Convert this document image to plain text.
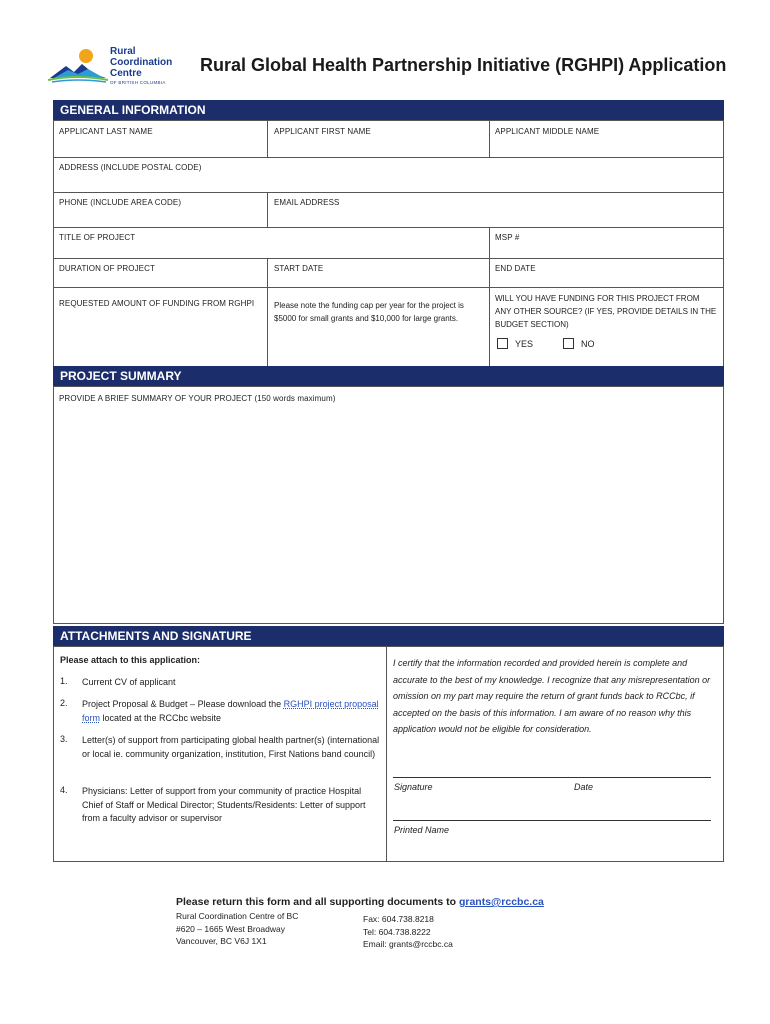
Rural
Coordination
Centre
OF BRITISH COLUMBIA
Rural Global Health Partnership Initiative (RGHPI) Application
GENERAL INFORMATION
APPLICANT LAST NAME	APPLICANT FIRST NAME	APPLICANT MIDDLE NAME
ADDRESS (INCLUDE POSTAL CODE)
PHONE (INCLUDE AREA CODE)	EMAIL ADDRESS
TITLE OF PROJECT	MSP #
DURATION OF PROJECT	START DATE	END DATE
REQUESTED AMOUNT OF FUNDING FROM RGHPI Please note the funding cap per year for the project is $5000 for small grants and $10,000 for large grants.
WILL YOU HAVE FUNDING FOR THIS PROJECT FROM ANY OTHER SOURCE? (IF YES, PROVIDE DETAILS IN THE BUDGET SECTION)
YES	NO
PROJECT SUMMARY
PROVIDE A BRIEF SUMMARY OF YOUR PROJECT (150 words maximum)
ATTACHMENTS AND SIGNATURE
Please attach to this application:
1. Current CV of applicant
2. Project Proposal & Budget – Please download the RGHPI project proposal form located at the RCCbc website
3. Letter(s) of support from participating global health partner(s) (international or local ie. community organization, institution, First Nations band council)
4. Physicians: Letter of support from your community of practice Hospital Chief of Staff or Medical Director; Students/Residents: Letter of support from a faculty advisor or supervisor
I certify that the information recorded and provided herein is complete and accurate to the best of my knowledge. I recognize that any misrepresentation or omission on my part may require the return of grant funds back to RCCbc, if accepted on the basis of this information. I am aware of no reason why this application would not be eligible for consideration.
Signature	Date
Printed Name
Please return this form and all supporting documents to grants@rccbc.ca
Rural Coordination Centre of BC
#620 – 1665 West Broadway
Vancouver, BC V6J 1X1
Fax: 604.738.8218
Tel: 604.738.8222
Email: grants@rccbc.ca
